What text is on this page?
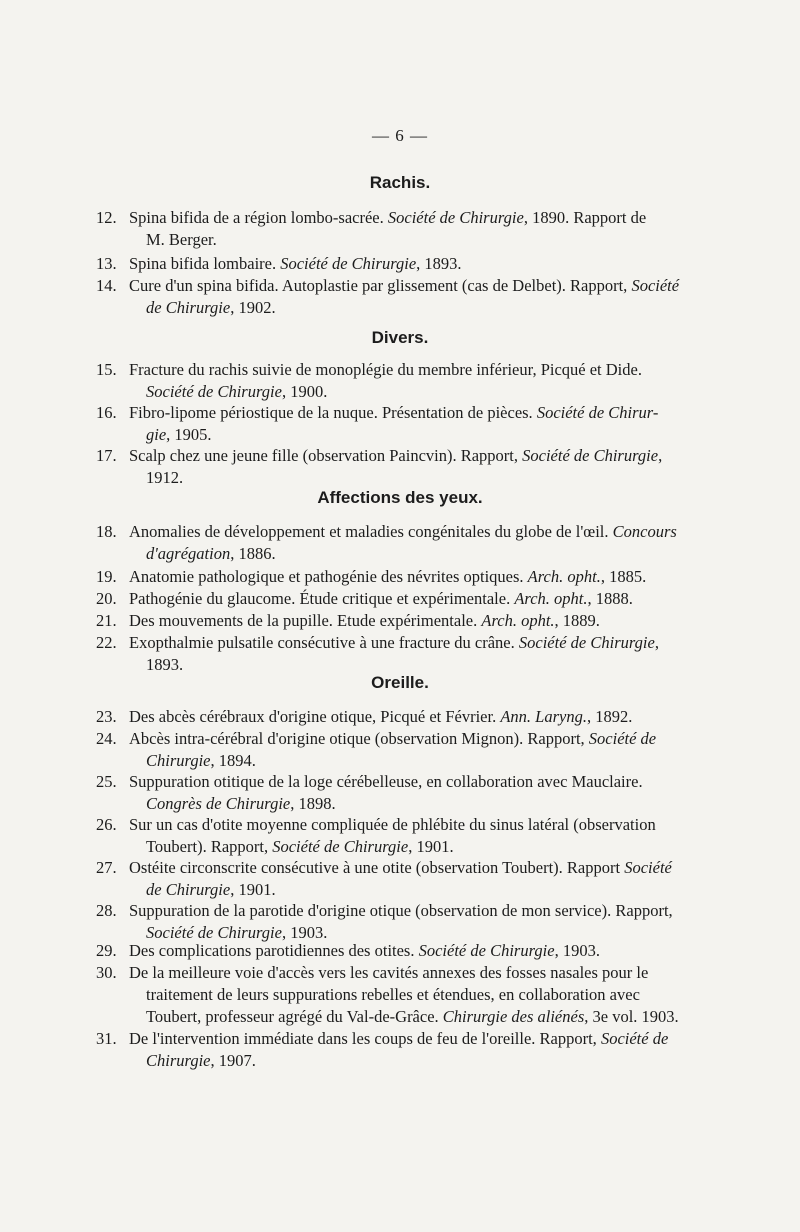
— 6 —
Rachis.
12. Spina bifida de a région lombo-sacrée. Société de Chirurgie, 1890. Rapport de
M. Berger.
13. Spina bifida lombaire. Société de Chirurgie, 1893.
14. Cure d'un spina bifida. Autoplastie par glissement (cas de Delbet). Rapport, Société
de Chirurgie, 1902.
Divers.
15. Fracture du rachis suivie de monoplégie du membre inférieur, Picqué et Dide.
Société de Chirurgie, 1900.
16. Fibro-lipome périostique de la nuque. Présentation de pièces. Société de Chirur-
gie, 1905.
17. Scalp chez une jeune fille (observation Paincvin). Rapport, Société de Chirurgie,
1912.
Affections des yeux.
18. Anomalies de développement et maladies congénitales du globe de l'œil. Concours
d'agrégation, 1886.
19. Anatomie pathologique et pathogénie des névrites optiques. Arch. opht., 1885.
20. Pathogénie du glaucome. Étude critique et expérimentale. Arch. opht., 1888.
21. Des mouvements de la pupille. Etude expérimentale. Arch. opht., 1889.
22. Exopthalmie pulsatile consécutive à une fracture du crâne. Société de Chirurgie,
1893.
Oreille.
23. Des abcès cérébraux d'origine otique, Picqué et Février. Ann. Laryng., 1892.
24. Abcès intra-cérébral d'origine otique (observation Mignon). Rapport, Société de
Chirurgie, 1894.
25. Suppuration otitique de la loge cérébelleuse, en collaboration avec Mauclaire.
Congrès de Chirurgie, 1898.
26. Sur un cas d'otite moyenne compliquée de phlébite du sinus latéral (observation
Toubert). Rapport, Société de Chirurgie, 1901.
27. Ostéite circonscrite consécutive à une otite (observation Toubert). Rapport Société
de Chirurgie, 1901.
28. Suppuration de la parotide d'origine otique (observation de mon service). Rapport,
Société de Chirurgie, 1903.
29. Des complications parotidiennes des otites. Société de Chirurgie, 1903.
30. De la meilleure voie d'accès vers les cavités annexes des fosses nasales pour le
traitement de leurs suppurations rebelles et étendues, en collaboration avec
Toubert, professeur agrégé du Val-de-Grâce. Chirurgie des aliénés, 3e vol. 1903.
31. De l'intervention immédiate dans les coups de feu de l'oreille. Rapport, Société de
Chirurgie, 1907.
